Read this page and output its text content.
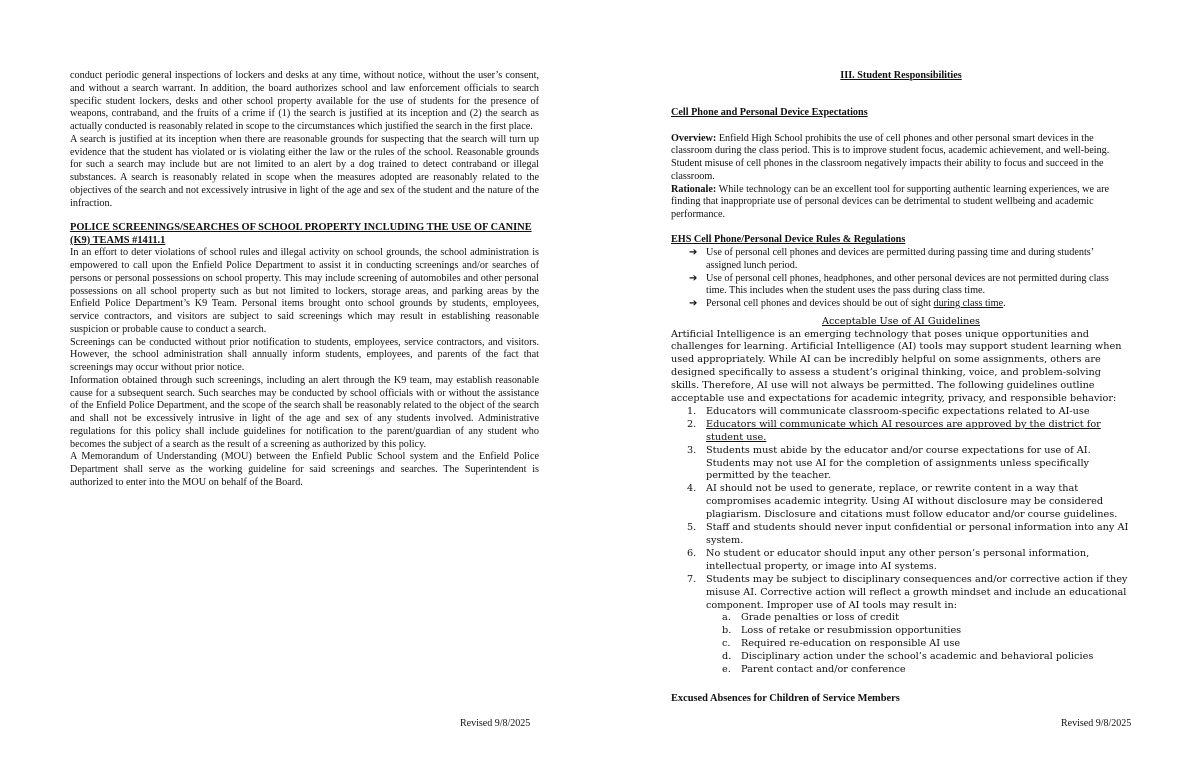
conduct periodic general inspections of lockers and desks at any time, without notice, without the user’s consent, and without a search warrant. In addition, the board authorizes school and law enforcement officials to search specific student lockers, desks and other school property available for the use of students for the presence of weapons, contraband, and the fruits of a crime if (1) the search is justified at its inception and (2) the search as actually conducted is reasonably related in scope to the circumstances which justified the search in the first place.

A search is justified at its inception when there are reasonable grounds for suspecting that the search will turn up evidence that the student has violated or is violating either the law or the rules of the school. Reasonable grounds for such a search may include but are not limited to an alert by a dog trained to detect contraband or illegal substances. A search is reasonably related in scope when the measures adopted are reasonably related to the objectives of the search and not excessively intrusive in light of the age and sex of the student and the nature of the infraction.

POLICE SCREENINGS/SEARCHES OF SCHOOL PROPERTY INCLUDING THE USE OF CANINE (K9) TEAMS #1411.1

In an effort to deter violations of school rules and illegal activity on school grounds, the school administration is empowered to call upon the Enfield Police Department to assist it in conducting screenings and/or searches of persons or personal possessions on school property. This may include screening of automobiles and other personal possessions on all school property such as but not limited to lockers, storage areas, and parking areas by the Enfield Police Department’s K9 Team. Personal items brought onto school grounds by students, employees, service contractors, and visitors are subject to said screenings which may result in establishing reasonable suspicion or probable cause to conduct a search.

Screenings can be conducted without prior notification to students, employees, service contractors, and visitors. However, the school administration shall annually inform students, employees, and parents of the fact that screenings may occur without prior notice.

Information obtained through such screenings, including an alert through the K9 team, may establish reasonable cause for a subsequent search. Such searches may be conducted by school officials with or without the assistance of the Enfield Police Department, and the scope of the search shall be reasonably related to the object of the search and shall not be excessively intrusive in light of the age and sex of any students involved. Administrative regulations for this policy shall include guidelines for notification to the parent/guardian of any student who becomes the subject of a search as the result of a screening as authorized by this policy.

A Memorandum of Understanding (MOU) between the Enfield Public School system and the Enfield Police Department shall serve as the working guideline for said screenings and searches. The Superintendent is authorized to enter into the MOU on behalf of the Board.

Revised 9/8/2025

III. Student Responsibilities

Cell Phone and Personal Device Expectations

Overview: Enfield High School prohibits the use of cell phones and other personal smart devices in the classroom during the class period. This is to improve student focus, academic achievement, and well-being. Student misuse of cell phones in the classroom negatively impacts their ability to focus and succeed in the classroom.

Rationale: While technology can be an excellent tool for supporting authentic learning experiences, we are finding that inappropriate use of personal devices can be detrimental to student wellbeing and academic performance.

EHS Cell Phone/Personal Device Rules & Regulations

➔ Use of personal cell phones and devices are permitted during passing time and during students’ assigned lunch period.
➔ Use of personal cell phones, headphones, and other personal devices are not permitted during class time. This includes when the student uses the pass during class time.
➔ Personal cell phones and devices should be out of sight during class time.

Acceptable Use of AI Guidelines

Artificial Intelligence is an emerging technology that poses unique opportunities and challenges for learning. Artificial Intelligence (AI) tools may support student learning when used appropriately. While AI can be incredibly helpful on some assignments, others are designed specifically to assess a student’s original thinking, voice, and problem-solving skills. Therefore, AI use will not always be permitted. The following guidelines outline acceptable use and expectations for academic integrity, privacy, and responsible behavior:

1. Educators will communicate classroom-specific expectations related to AI-use
2. Educators will communicate which AI resources are approved by the district for student use.
3. Students must abide by the educator and/or course expectations for use of AI. Students may not use AI for the completion of assignments unless specifically permitted by the teacher.
4. AI should not be used to generate, replace, or rewrite content in a way that compromises academic integrity. Using AI without disclosure may be considered plagiarism. Disclosure and citations must follow educator and/or course guidelines.
5. Staff and students should never input confidential or personal information into any AI system.
6. No student or educator should input any other person’s personal information, intellectual property, or image into AI systems.
7. Students may be subject to disciplinary consequences and/or corrective action if they misuse AI. Corrective action will reflect a growth mindset and include an educational component. Improper use of AI tools may result in:
a. Grade penalties or loss of credit
b. Loss of retake or resubmission opportunities
c. Required re-education on responsible AI use
d. Disciplinary action under the school’s academic and behavioral policies
e. Parent contact and/or conference
Excused Absences for Children of Service Members
Revised 9/8/2025
